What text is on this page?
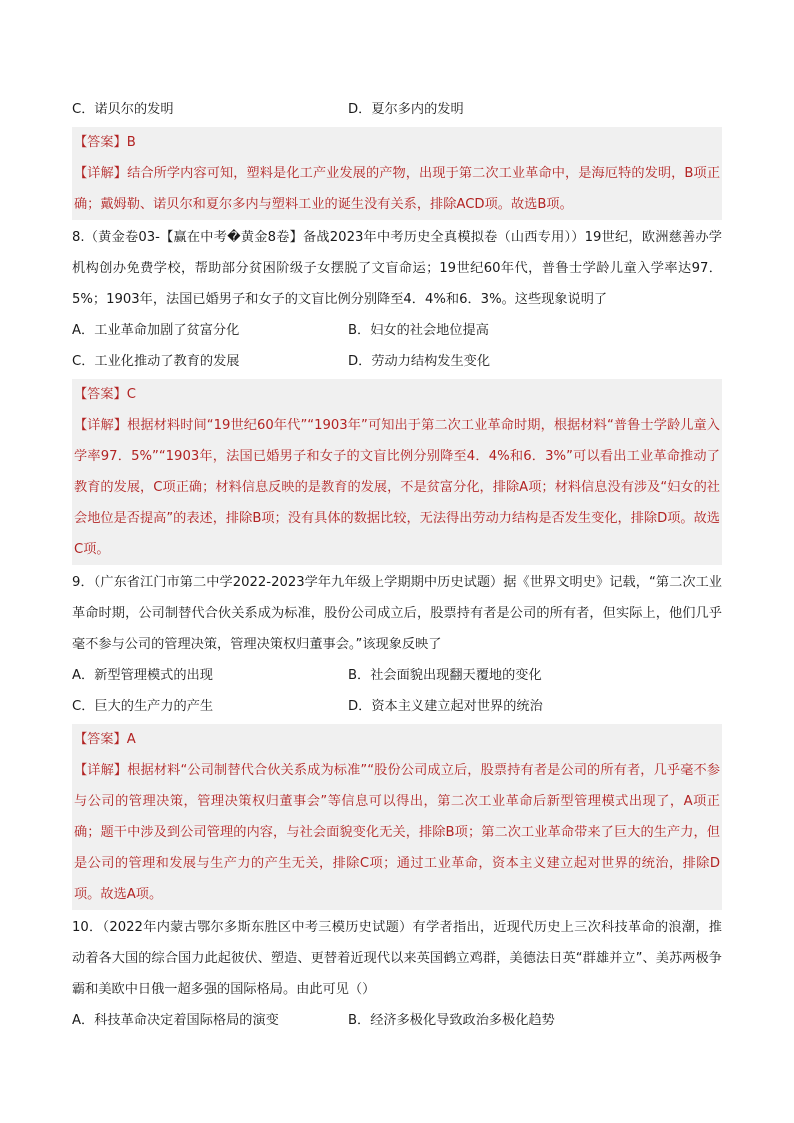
C．诺贝尔的发明	D．夏尔多内的发明

【答案】B

【详解】结合所学内容可知，塑料是化工产业发展的产物，出现于第二次工业革命中，是海厄特的发明，B项正确；戴姆勒、诺贝尔和夏尔多内与塑料工业的诞生没有关系，排除ACD项。故选B项。

8.（黄金卷03-【赢在中考�黄金8卷】备战2023年中考历史全真模拟卷（山西专用））19世纪，欧洲慈善办学机构创办免费学校，帮助部分贫困阶级子女摆脱了文盲命运；19世纪60年代，普鲁士学龄儿童入学率达97．5%；1903年，法国已婚男子和女子的文盲比例分别降至4．4%和6．3%。这些现象说明了
A．工业革命加剧了贫富分化	B．妇女的社会地位提高
C．工业化推动了教育的发展	D．劳动力结构发生变化

【答案】C

【详解】根据材料时间“19世纪60年代”“1903年”可知出于第二次工业革命时期，根据材料“普鲁士学龄儿童入学率97．5%”“1903年，法国已婚男子和女子的文盲比例分别降至4．4%和6．3%”可以看出工业革命推动了教育的发展，C项正确；材料信息反映的是教育的发展，不是贫富分化，排除A项；材料信息没有涉及“妇女的社会地位是否提高”的表述，排除B项；没有具体的数据比较，无法得出劳动力结构是否发生变化，排除D项。故选C项。

9．（广东省江门市第二中学2022-2023学年九年级上学期期中历史试题）据《世界文明史》记载，“第二次工业革命时期，公司制替代合伙关系成为标准，股份公司成立后，股票持有者是公司的所有者，但实际上，他们几乎毫不参与公司的管理决策，管理决策权归董事会。”该现象反映了
A．新型管理模式的出现	B．社会面貌出现翻天覆地的变化
C．巨大的生产力的产生	D．资本主义建立起对世界的统治

【答案】A

【详解】根据材料“公司制替代合伙关系成为标准”“股份公司成立后，股票持有者是公司的所有者，几乎毫不参与公司的管理决策，管理决策权归董事会”等信息可以得出，第二次工业革命后新型管理模式出现了，A项正确；题干中涉及到公司管理的内容，与社会面貌变化无关，排除B项；第二次工业革命带来了巨大的生产力，但是公司的管理和发展与生产力的产生无关，排除C项；通过工业革命，资本主义建立起对世界的统治，排除D项。故选A项。

10．（2022年内蒙古鄂尔多斯东胜区中考三模历史试题）有学者指出，近现代历史上三次科技革命的浪潮，推动着各大国的综合国力此起彼伏、塑造、更替着近现代以来英国鹤立鸡群，美德法日英“群雄并立”、美苏两极争霸和美欧中日俄一超多强的国际格局。由此可见（）
A．科技革命决定着国际格局的演变	B．经济多极化导致政治多极化趋势
